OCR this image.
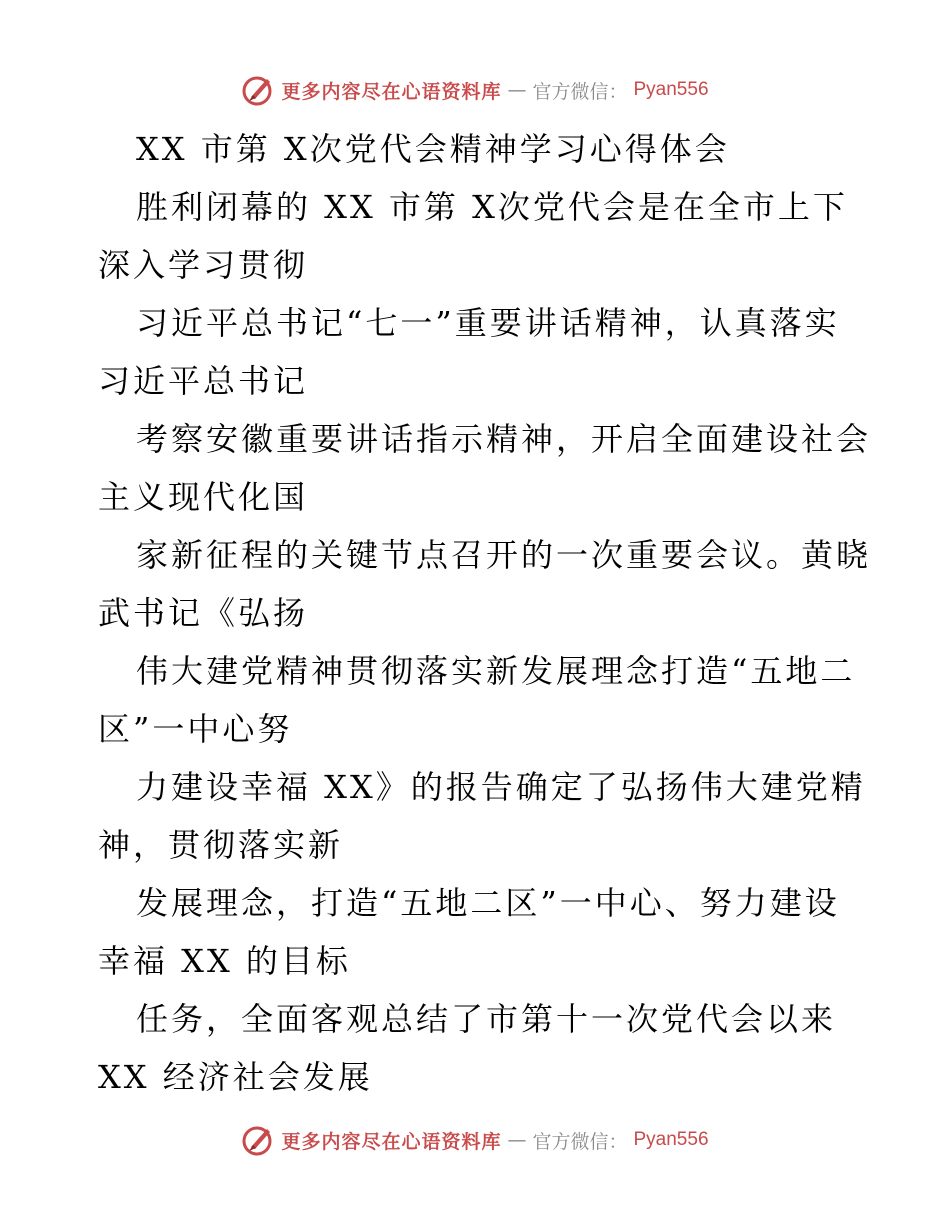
更多内容尽在心语资料库 — 官方微信： Pyan556
XX 市第 X次党代会精神学习心得体会
胜利闭幕的 XX 市第 X次党代会是在全市上下
深入学习贯彻
习近平总书记“七一”重要讲话精神，认真落实
习近平总书记
考察安徽重要讲话指示精神，开启全面建设社会
主义现代化国
家新征程的关键节点召开的一次重要会议。黄晓
武书记《弘扬
伟大建党精神贯彻落实新发展理念打造“五地二
区”一中心努
力建设幸福 XX》的报告确定了弘扬伟大建党精
神，贯彻落实新
发展理念，打造“五地二区”一中心、努力建设
幸福 XX 的目标
任务，全面客观总结了市第十一次党代会以来
XX 经济社会发展
更多内容尽在心语资料库 — 官方微信： Pyan556
